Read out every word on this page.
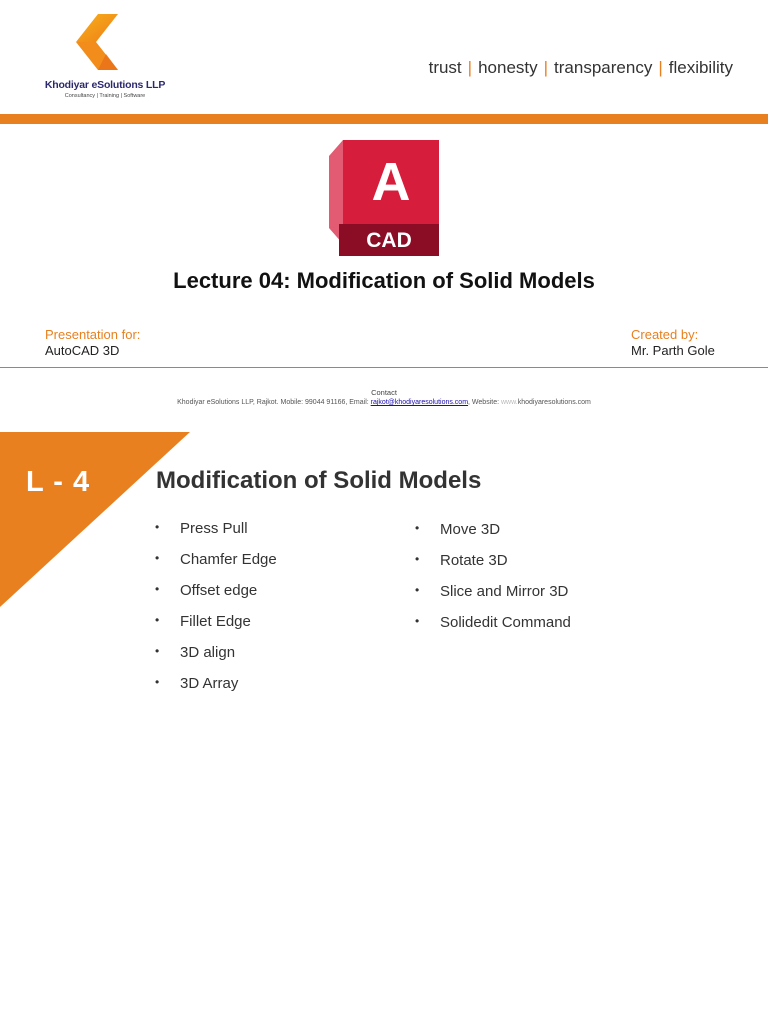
Khodiyar eSolutions LLP
Consultancy | Training | Software
trust | honesty | transparency | flexibility
A
CAD
Lecture 04: Modification of Solid Models
Presentation for:
AutoCAD 3D
Created by:
Mr. Parth Gole
Contact
Khodiyar eSolutions LLP, Rajkot. Mobile: 99044 91166, Email: rajkot@khodiyaresolutions.com, Website: www.khodiyaresolutions.com
L - 4	Modification of Solid Models
• Press Pull
• Chamfer Edge
• Offset edge
• Fillet Edge
• 3D align
• 3D Array
• Move 3D
• Rotate 3D
• Slice and Mirror 3D
• Solidedit Command
